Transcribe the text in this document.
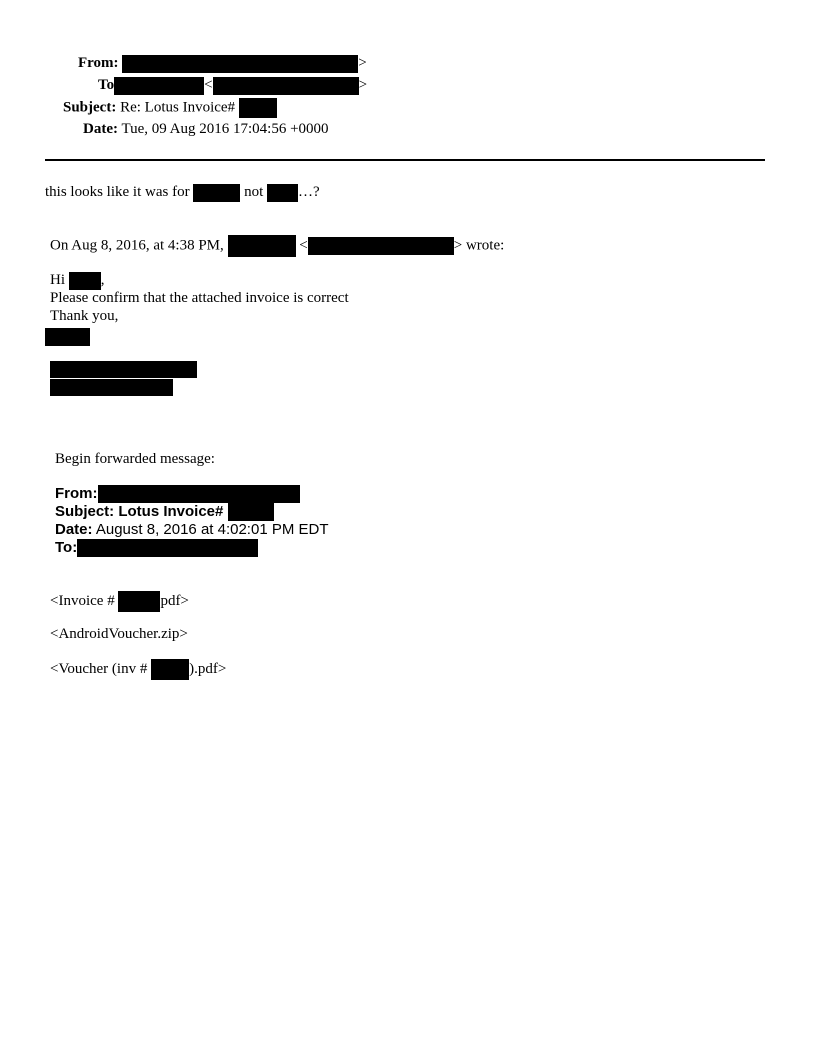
From:	>
To	<	>
Subject: Re: Lotus Invoice#
Date: Tue, 09 Aug 2016 17:04:56 +0000
this looks like it was for	not …?
On Aug 8, 2016, at 4:38 PM,	<	> wrote:
Hi ,
Please confirm that the attached invoice is correct
Thank you,
Begin forwarded message:
From:
Subject: Lotus Invoice#
Date: August 8, 2016 at 4:02:01 PM EDT
To:
<Invoice #	pdf>
<AndroidVoucher.zip>
<Voucher (inv #	).pdf>
